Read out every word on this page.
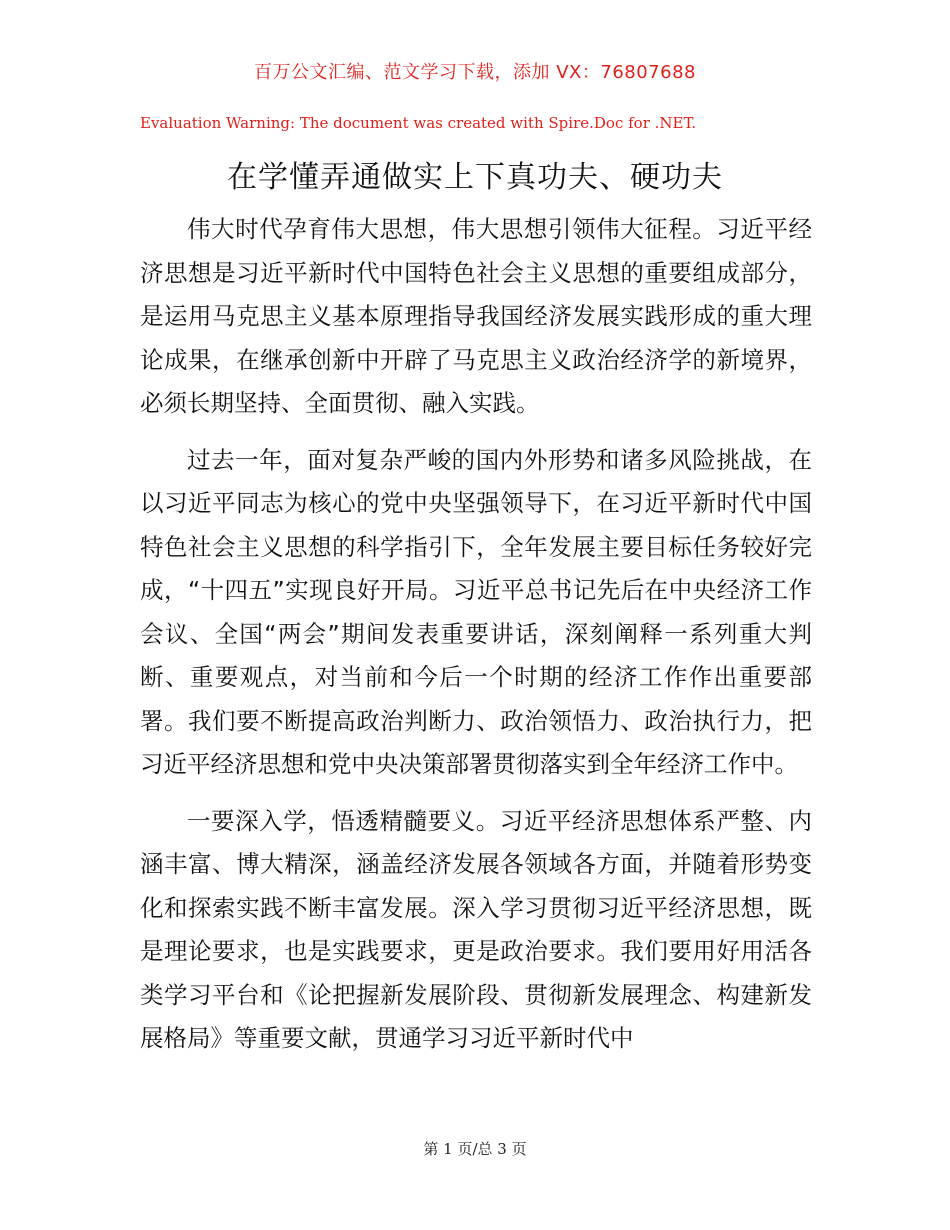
百万公文汇编、范文学习下载，添加 VX：76807688
Evaluation Warning: The document was created with Spire.Doc for .NET.
在学懂弄通做实上下真功夫、硬功夫

伟大时代孕育伟大思想，伟大思想引领伟大征程。习近平经济思想是习近平新时代中国特色社会主义思想的重要组成部分，是运用马克思主义基本原理指导我国经济发展实践形成的重大理论成果，在继承创新中开辟了马克思主义政治经济学的新境界，必须长期坚持、全面贯彻、融入实践。

过去一年，面对复杂严峻的国内外形势和诸多风险挑战，在以习近平同志为核心的党中央坚强领导下，在习近平新时代中国特色社会主义思想的科学指引下，全年发展主要目标任务较好完成，“十四五”实现良好开局。习近平总书记先后在中央经济工作会议、全国“两会”期间发表重要讲话，深刻阐释一系列重大判断、重要观点，对当前和今后一个时期的经济工作作出重要部署。我们要不断提高政治判断力、政治领悟力、政治执行力，把习近平经济思想和党中央决策部署贯彻落实到全年经济工作中。

一要深入学，悟透精髓要义。习近平经济思想体系严整、内涵丰富、博大精深，涵盖经济发展各领域各方面，并随着形势变化和探索实践不断丰富发展。深入学习贯彻习近平经济思想，既是理论要求，也是实践要求，更是政治要求。我们要用好用活各类学习平台和《论把握新发展阶段、贯彻新发展理念、构建新发展格局》等重要文献，贯通学习习近平新时代中

第 1 页/总 3 页
